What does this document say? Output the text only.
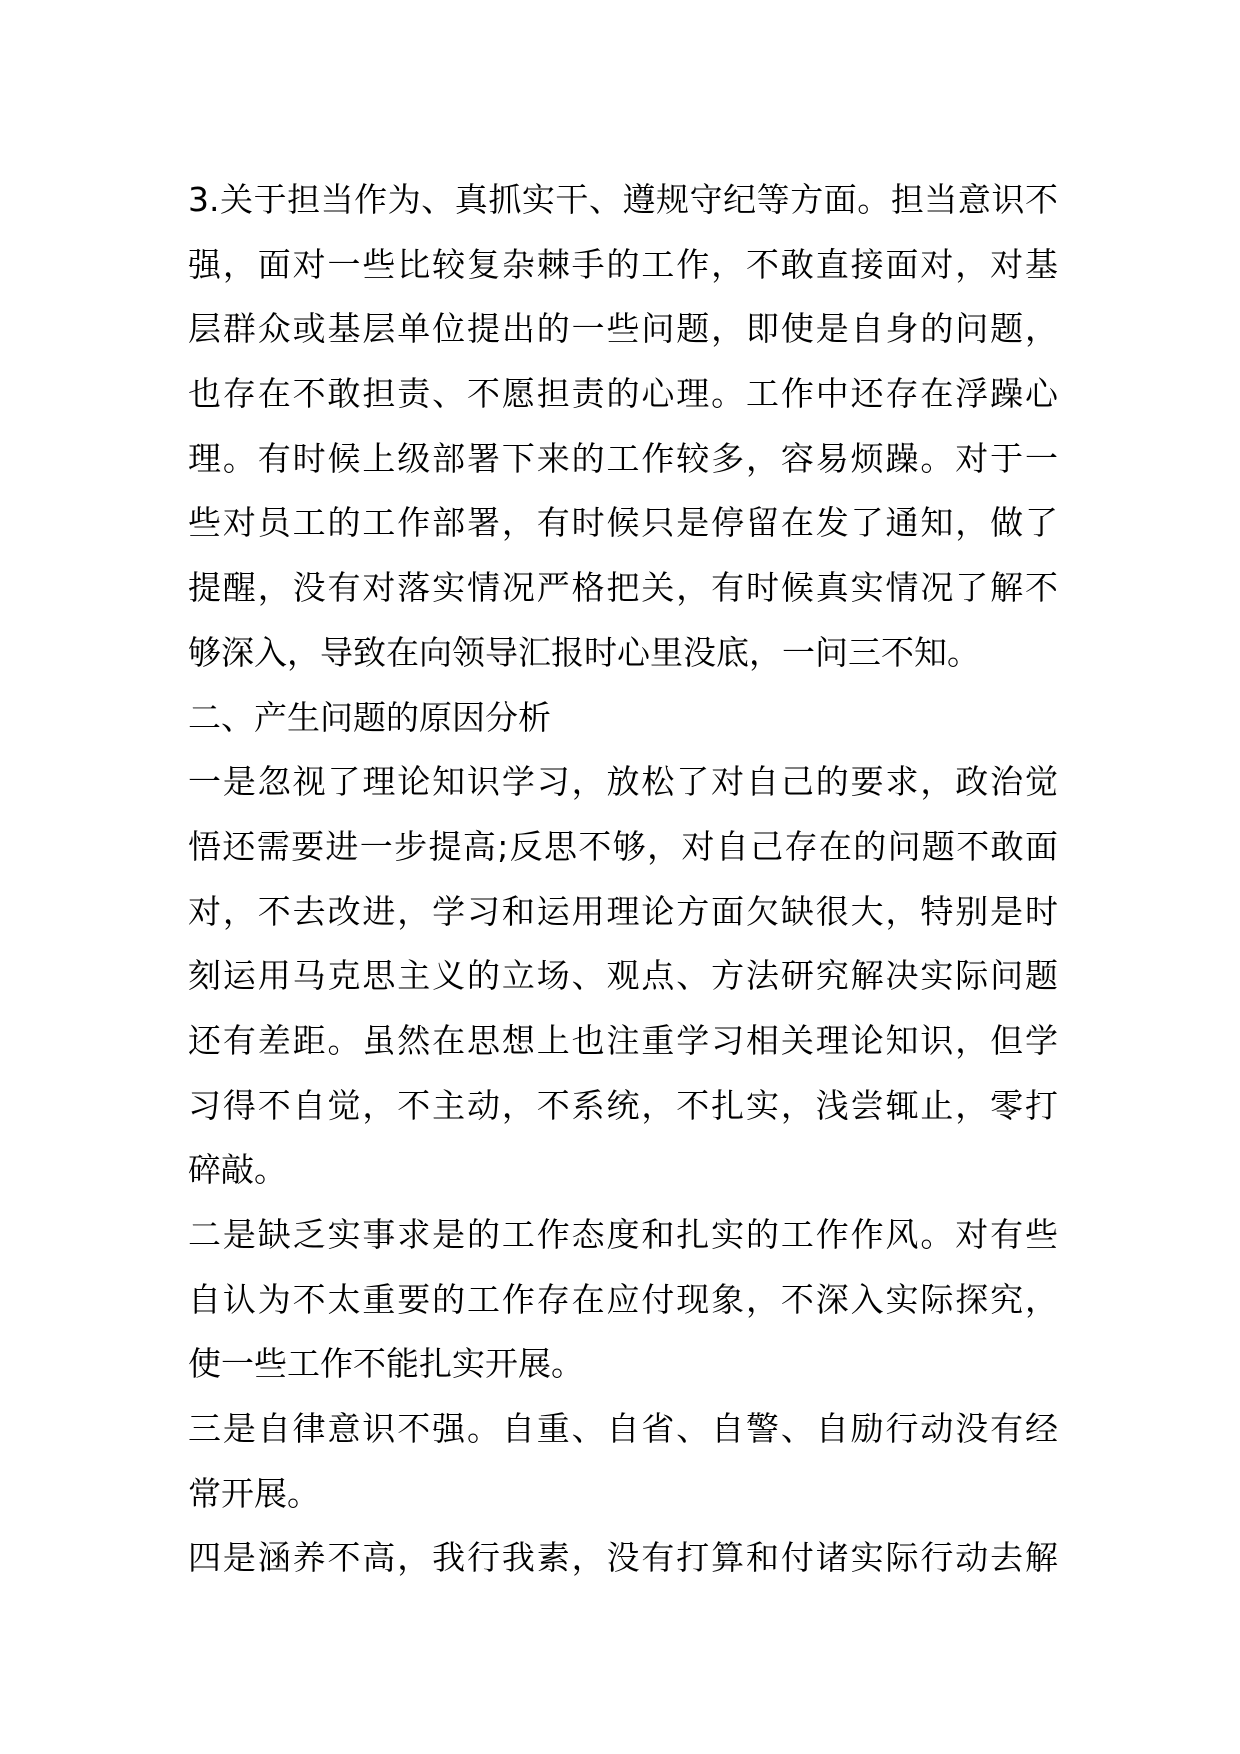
3.关于担当作为、真抓实干、遵规守纪等方面。担当意识不
强，面对一些比较复杂棘手的工作，不敢直接面对，对基
层群众或基层单位提出的一些问题，即使是自身的问题，
也存在不敢担责、不愿担责的心理。工作中还存在浮躁心
理。有时候上级部署下来的工作较多，容易烦躁。对于一
些对员工的工作部署，有时候只是停留在发了通知，做了
提醒，没有对落实情况严格把关，有时候真实情况了解不
够深入，导致在向领导汇报时心里没底，一问三不知。
二、产生问题的原因分析
一是忽视了理论知识学习，放松了对自己的要求，政治觉
悟还需要进一步提高;反思不够，对自己存在的问题不敢面
对，不去改进，学习和运用理论方面欠缺很大，特别是时
刻运用马克思主义的立场、观点、方法研究解决实际问题
还有差距。虽然在思想上也注重学习相关理论知识，但学
习得不自觉，不主动，不系统，不扎实，浅尝辄止，零打
碎敲。
二是缺乏实事求是的工作态度和扎实的工作作风。对有些
自认为不太重要的工作存在应付现象，不深入实际探究，
使一些工作不能扎实开展。
三是自律意识不强。自重、自省、自警、自励行动没有经
常开展。
四是涵养不高，我行我素，没有打算和付诸实际行动去解
